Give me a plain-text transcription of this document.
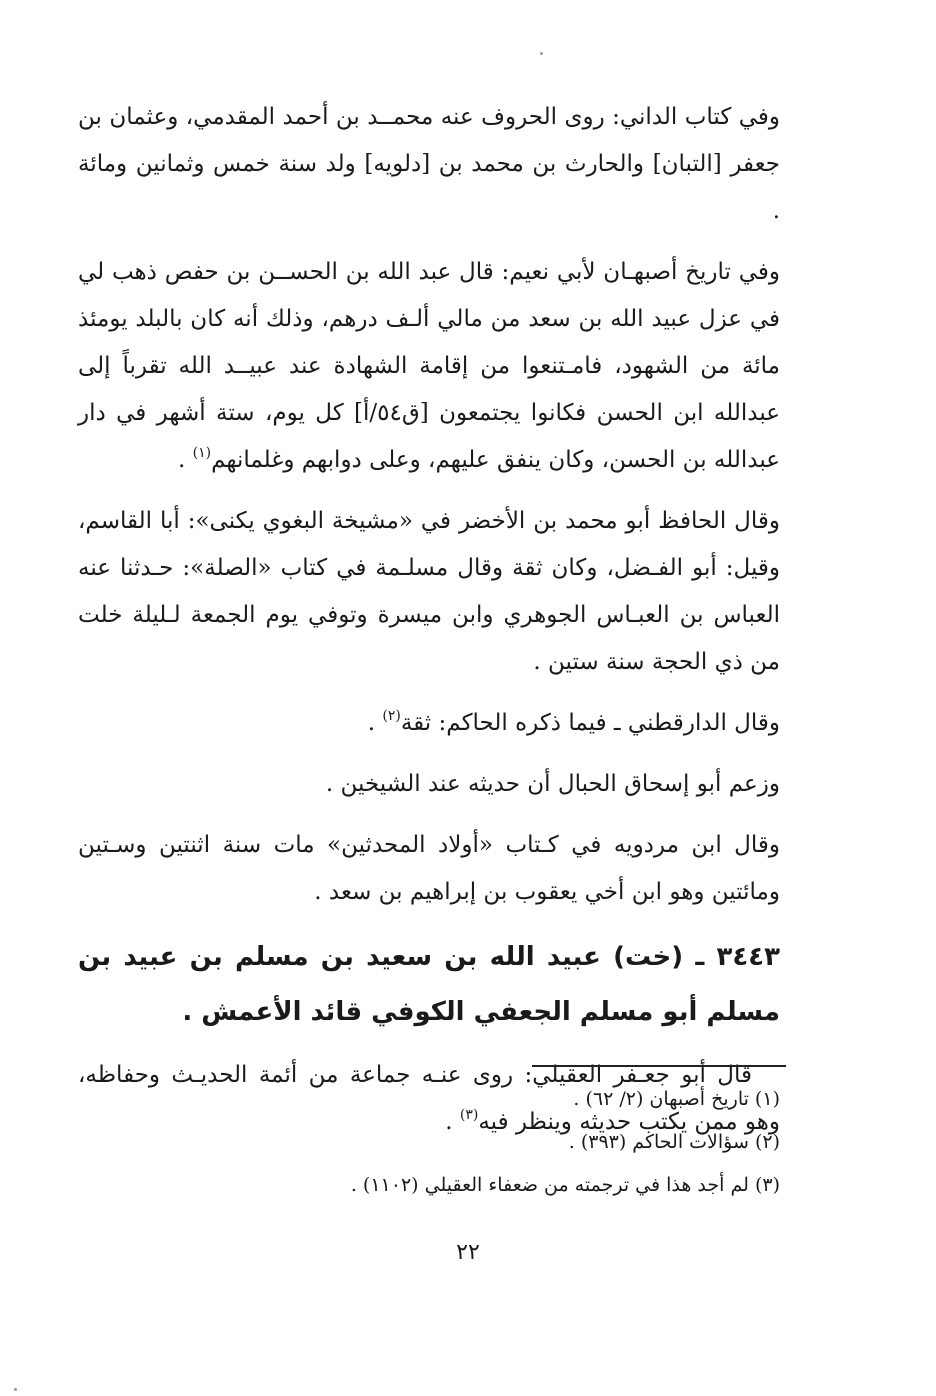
وفي كتاب الداني: روى الحروف عنه محمــد بن أحمد المقدمي، وعثمان بن جعفر [التبان] والحارث بن محمد بن [دلويه] ولد سنة خمس وثمانين ومائة .

وفي تاريخ أصبهـان لأبي نعيم: قال عبد الله بن الحســن بن حفص ذهب لي في عزل عبيد الله بن سعد من مالي ألـف درهم، وذلك أنه كان بالبلد يومئذ مائة من الشهود، فامـتنعوا من إقامة الشهادة عند عبيــد الله تقرباً إلى عبدالله ابن الحسن فكانوا يجتمعون [ق٥٤/أ] كل يوم، ستة أشهر في دار عبدالله بن الحسن، وكان ينفق عليهم، وعلى دوابهم وغلمانهم$^{(١)}$ .

وقال الحافظ أبو محمد بن الأخضر في «مشيخة البغوي يكنى»: أبا القاسم، وقيل: أبو الفـضل، وكان ثقة وقال مسلـمة في كتاب «الصلة»: حـدثنا عنه العباس بن العبـاس الجوهري وابن ميسرة وتوفي يوم الجمعة لـليلة خلت من ذي الحجة سنة ستين .

وقال الدارقطني ـ فيما ذكره الحاكم: ثقة$^{(٢)}$ .

وزعم أبو إسحاق الحبال أن حديثه عند الشيخين .

وقال ابن مردويه في كـتاب «أولاد المحدثين» مات سنة اثنتين وسـتين ومائتين وهو ابن أخي يعقوب بن إبراهيم بن سعد .

٣٤٤٣ ـ (خت) عبيد الله بن سعيد بن مسلم بن عبيد بن مسلم أبو مسلم الجعفي الكوفي قائد الأعمش .

قال أبو جعـفر العقيلي: روى عنـه جماعة من أئمة الحديـث وحفاظه، وهو ممن يكتب حديثه وينظر فيه$^{(٣)}$ .

(١) تاريخ أصبهان (٢/ ٦٢) .

(٢) سؤالات الحاكم (٣٩٣) .

(٣) لم أجد هذا في ترجمته من ضعفاء العقيلي (١١٠٢) .

٢٢
